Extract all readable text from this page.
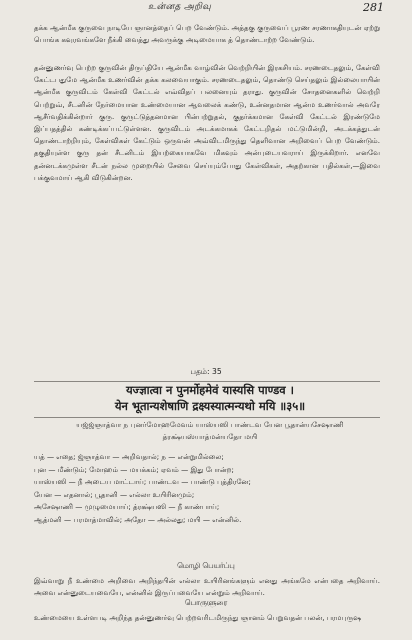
உன்னத அறிவு	281
தக்க ஆன்மீக குருவை நாடியே ஞானத்தைப் பெற வேண்டும். அத்தகு குருவைப் பூரண சரணாகதியுடன் ஏற்று பொங்க கவுரவங்களே நீக்கி வைத்து அவருக்கு அடிமையாக த் தொண்டாற்ற வேண்டும்.
தன்னுணர்வு பெற்ற குருவின் திருப்தியே ஆன்மீக வாழ்வின் வெற்றியின் இரகசியம். சரணடைதலும், கேள்வி கேட்டபதுமே ஆன்மீக உணர்வின் தக்க கலவையாகும். சரணடைதலும், தொண்டு செய்தலும் இல்லையாயின் ஆன்மீக குருவிடம் கேள்வி கேட்டல் எவ்விதப் பலனையும் தராது. குருவின் சோதனைகளில் வெற்றி பெற்றுவ், சீடனின் நேர்மையான உண்மையான ஆவலைக் கண்டு, உன்னதமான ஆன்ம உணர்வால் அவரே ஆசீர்வதிக்கின்றார் குரு. குருட்டுத்தனமான பின்பற்றுதல், குதர்க்கமான கேள்வி கேட்டல் இரண்டுமே இப்பதத்தில் கண்டிக்கப்பட்டுள்ளன. குருவிடம் அடக்கமாகக் கேட்டறிதல் மட்டுமின்றி, அடக்கத்துடன் தொண்டாற்றியும், கேள்விகள் கேட்டும் ஒருவன் அவ்விடமிருந்து தெளிவான அறிவைப் பெற வேண்டும். தகுதியுள்ள குரு தன் சீடனிடம் இயற்கையாகவே மிகவும் அன்புடையவராய் இருக்கிறார். எனவே தன்னடக்கமுள்ள சீடன் நல்ல முறையில் சேவை செய்யும்போது கேள்விகள், அதற்கான பதில்கள்,—இவை பக்குவமாய் ஆகி விடுகின்றன.
பதம்: 35
यज्ज्ञात्वा न पुनर्मोहमेवं यास्यसि पाण्डव ।
येन भूतान्यशेषाणि द्रक्ष्यस्यात्मन्यथो मयि ॥३५॥
யஜ்ஜ்ஞாத்வா ந புனர்மோஹமேவம் யாஸ்யஸி பாண்டவ யேன பூதான்யசேஷாணி த்ரக்ஷ்யஸ்யாத்மன்யதோ மயி
யத் — எதை; ஜ்ஞாத்வா — அறிவதால்; ந — என்றுமில்லை;
புன — மீண்டும்; மோஹம் — மயக்கம்; ஏவம் — இது போன்ற;
யாஸ்யஸி — நீ அடைய மாட்டாய்; பாண்டவ — பாண்டு புத்திரனே;
யேன — எதனால்; பூதானி — எல்லா உயிரினமும்;
அசேஷாணி — முழுமையாய்; த்ரக்ஷ்யஸி — நீ காண்பாய்;
ஆத்மனி — பரமாத்மாவில்; அதோ — அல்லது; மயி — என்னில்.
மொழி பெயர்ப்பு
இவ்வாறு நீ உண்மை அறிவை அறிந்தபின் எல்லா உயிரினங்களும் எனது அங்கமே என்பதை அறிவாய். அவை என்னுடையவையே, என்னில் இருப்பவையே என்றும் அறிவாய்.
பொருளுரை
உண்மையை உள்ளபடி அறிந்த தன்னுணர்வு பெற்றவரிடமிருந்து ஞானம் பெறுவதன் பலன், பரமபுருஷ
